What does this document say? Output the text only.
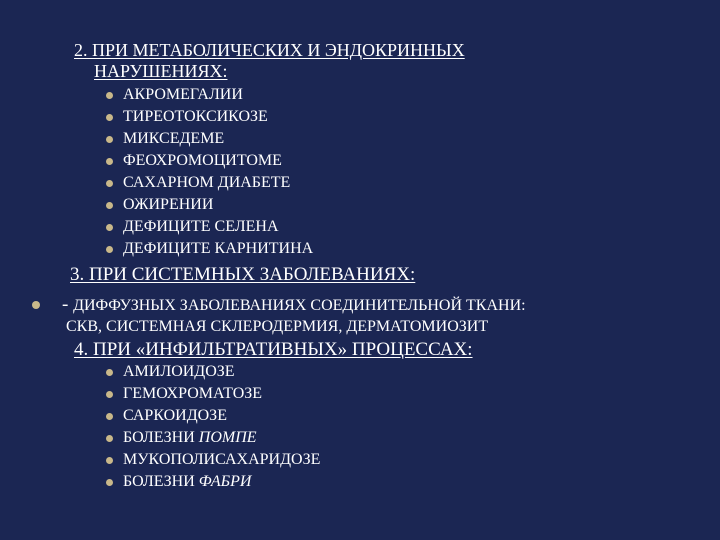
2. ПРИ МЕТАБОЛИЧЕСКИХ И ЭНДОКРИННЫХ
НАРУШЕНИЯХ:
АКРОМЕГАЛИИ
ТИРЕОТОКСИКОЗЕ
МИКСЕДЕМЕ
ФЕОХРОМОЦИТОМЕ
САХАРНОМ ДИАБЕТЕ
ОЖИРЕНИИ
ДЕФИЦИТЕ СЕЛЕНА
ДЕФИЦИТЕ КАРНИТИНА
3. ПРИ СИСТЕМНЫХ ЗАБОЛЕВАНИЯХ:
- ДИФФУЗНЫХ ЗАБОЛЕВАНИЯХ СОЕДИНИТЕЛЬНОЙ ТКАНИ:
СКВ, СИСТЕМНАЯ СКЛЕРОДЕРМИЯ, ДЕРМАТОМИОЗИТ
4. ПРИ «ИНФИЛЬТРАТИВНЫХ» ПРОЦЕССАХ:
АМИЛОИДОЗЕ
ГЕМОХРОМАТОЗЕ
САРКОИДОЗЕ
БОЛЕЗНИ ПОМПЕ
МУКОПОЛИСАХАРИДОЗЕ
БОЛЕЗНИ ФАБРИ
